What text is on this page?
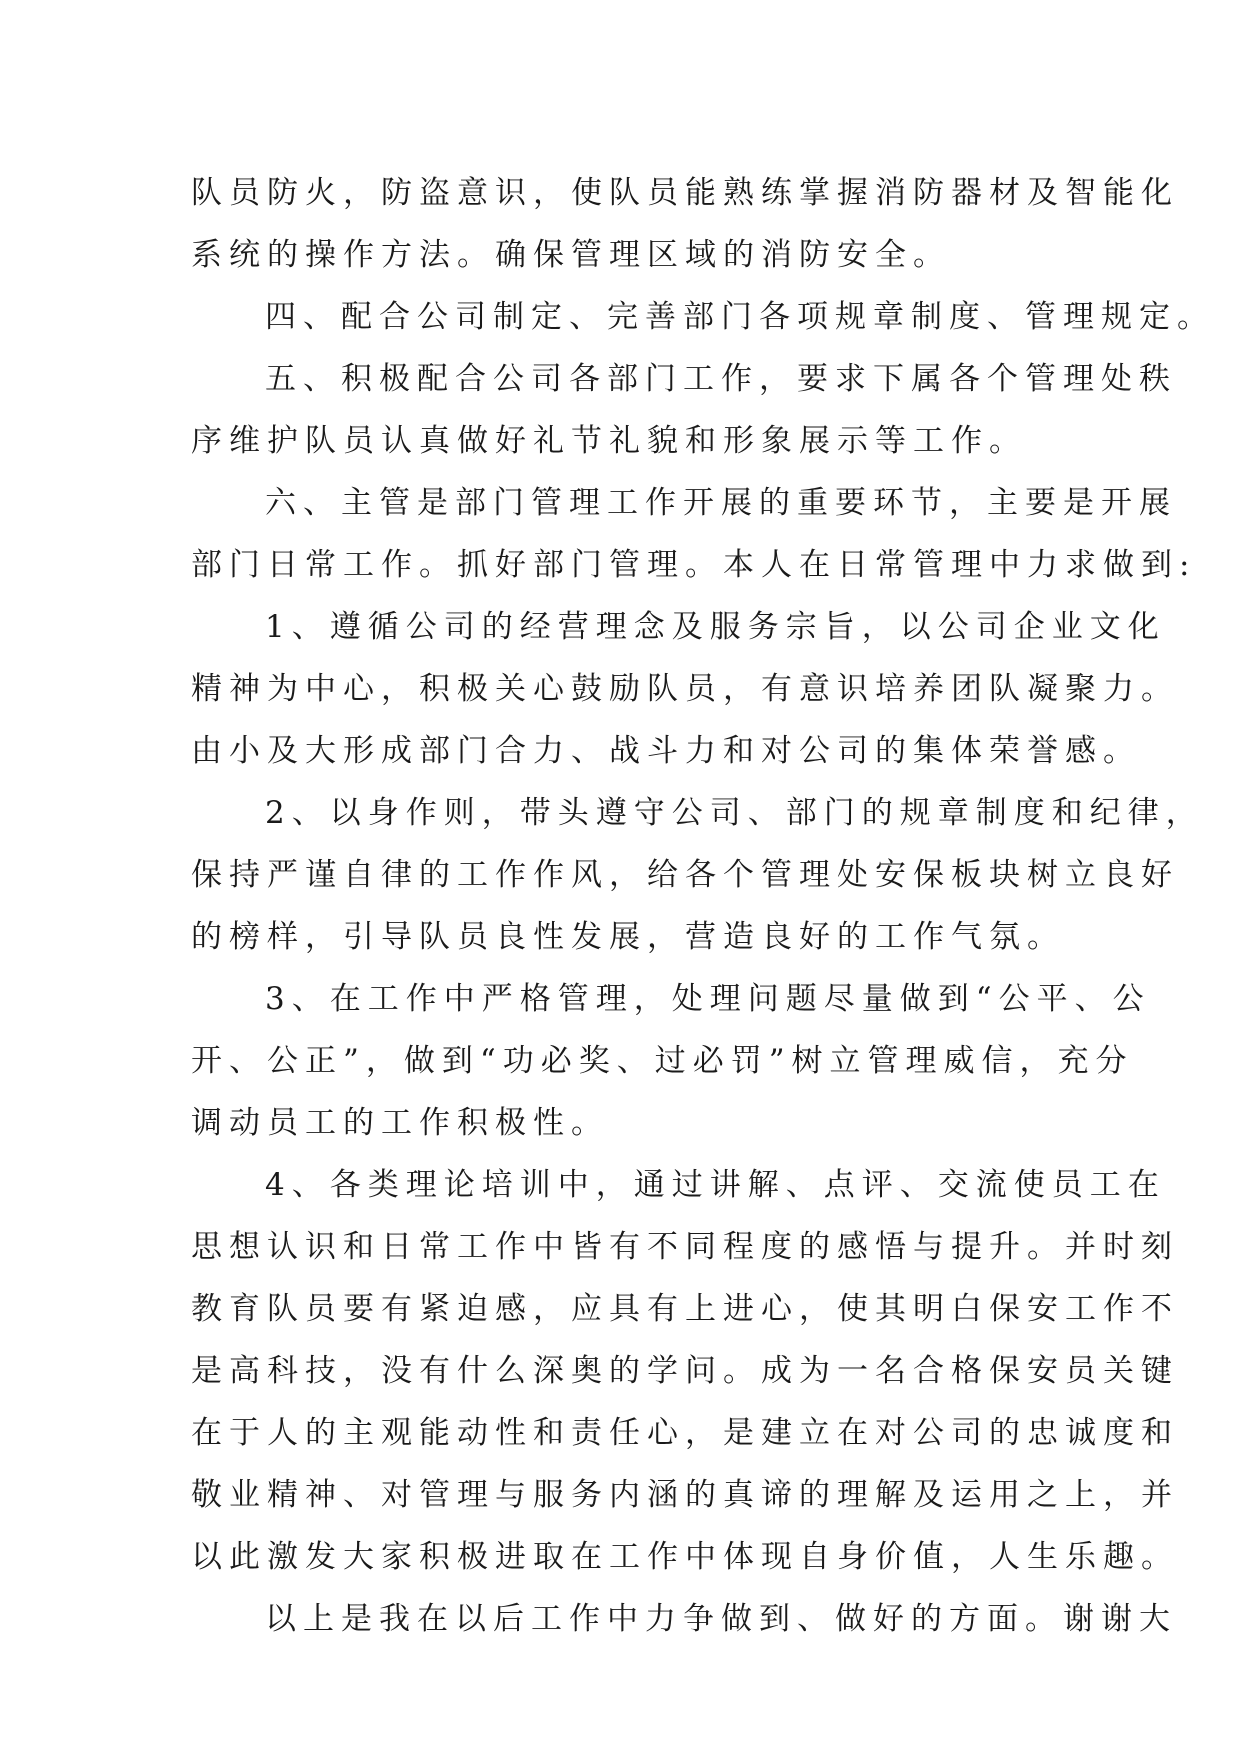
队员防火，防盗意识，使队员能熟练掌握消防器材及智能化
系统的操作方法。确保管理区域的消防安全。
四、配合公司制定、完善部门各项规章制度、管理规定。
五、积极配合公司各部门工作，要求下属各个管理处秩
序维护队员认真做好礼节礼貌和形象展示等工作。
六、主管是部门管理工作开展的重要环节，主要是开展
部门日常工作。抓好部门管理。本人在日常管理中力求做到:
1、遵循公司的经营理念及服务宗旨，以公司企业文化
精神为中心，积极关心鼓励队员，有意识培养团队凝聚力。
由小及大形成部门合力、战斗力和对公司的集体荣誉感。
2、以身作则，带头遵守公司、部门的规章制度和纪律，
保持严谨自律的工作作风，给各个管理处安保板块树立良好
的榜样，引导队员良性发展，营造良好的工作气氛。
3、在工作中严格管理，处理问题尽量做到“公平、公
开、公正”，做到“功必奖、过必罚”树立管理威信，充分
调动员工的工作积极性。
4、各类理论培训中，通过讲解、点评、交流使员工在
思想认识和日常工作中皆有不同程度的感悟与提升。并时刻
教育队员要有紧迫感，应具有上进心，使其明白保安工作不
是高科技，没有什么深奥的学问。成为一名合格保安员关键
在于人的主观能动性和责任心，是建立在对公司的忠诚度和
敬业精神、对管理与服务内涵的真谛的理解及运用之上，并
以此激发大家积极进取在工作中体现自身价值，人生乐趣。
以上是我在以后工作中力争做到、做好的方面。谢谢大
